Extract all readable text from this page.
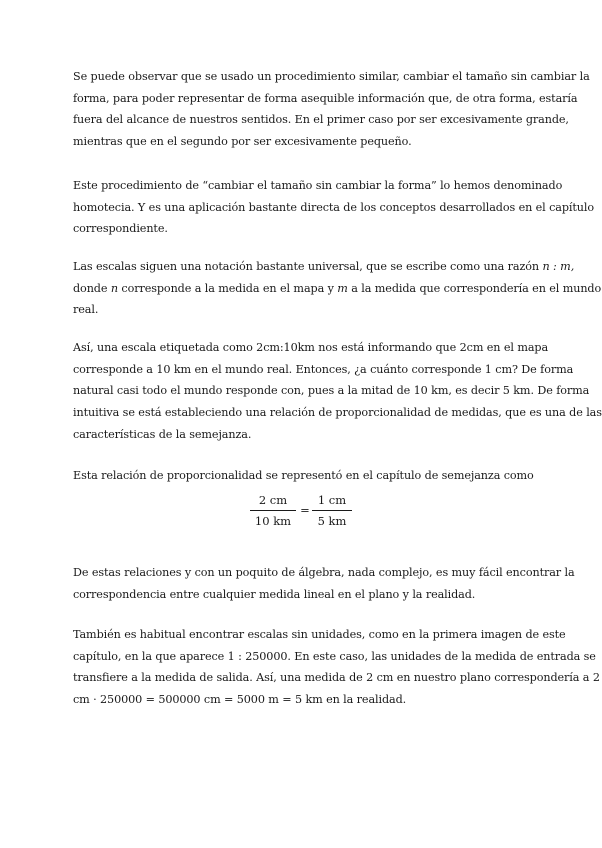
Se puede observar que se usado un procedimiento similar, cambiar el tamaño sin cambiar la
forma, para poder representar de forma asequible información que, de otra forma, estaría
fuera del alcance de nuestros sentidos. En el primer caso por ser excesivamente grande,
mientras que en el segundo por ser excesivamente pequeño.

Este procedimiento de “cambiar el tamaño sin cambiar la forma” lo hemos denominado
homotecia. Y es una aplicación bastante directa de los conceptos desarrollados en el capítulo
correspondiente.

Las escalas siguen una notación bastante universal, que se escribe como una razón n : m,
donde n corresponde a la medida en el mapa y m a la medida que correspondería en el mundo
real.

Así, una escala etiquetada como 2cm:10km nos está informando que 2cm en el mapa
corresponde a 10 km en el mundo real. Entonces, ¿a cuánto corresponde 1 cm? De forma
natural casi todo el mundo responde con, pues a la mitad de 10 km, es decir 5 km. De forma
intuitiva se está estableciendo una relación de proporcionalidad de medidas, que es una de las
características de la semejanza.

Esta relación de proporcionalidad se representó en el capítulo de semejanza como

2 cm
10 km
=
1 cm
5 km

De estas relaciones y con un poquito de álgebra, nada complejo, es muy fácil encontrar la
correspondencia entre cualquier medida lineal en el plano y la realidad.

También es habitual encontrar escalas sin unidades, como en la primera imagen de este
capítulo, en la que aparece 1 : 250000. En este caso, las unidades de la medida de entrada se
transfiere a la medida de salida. Así, una medida de 2 cm en nuestro plano correspondería a 2
cm · 250000 = 500000 cm = 5000 m = 5 km en la realidad.
